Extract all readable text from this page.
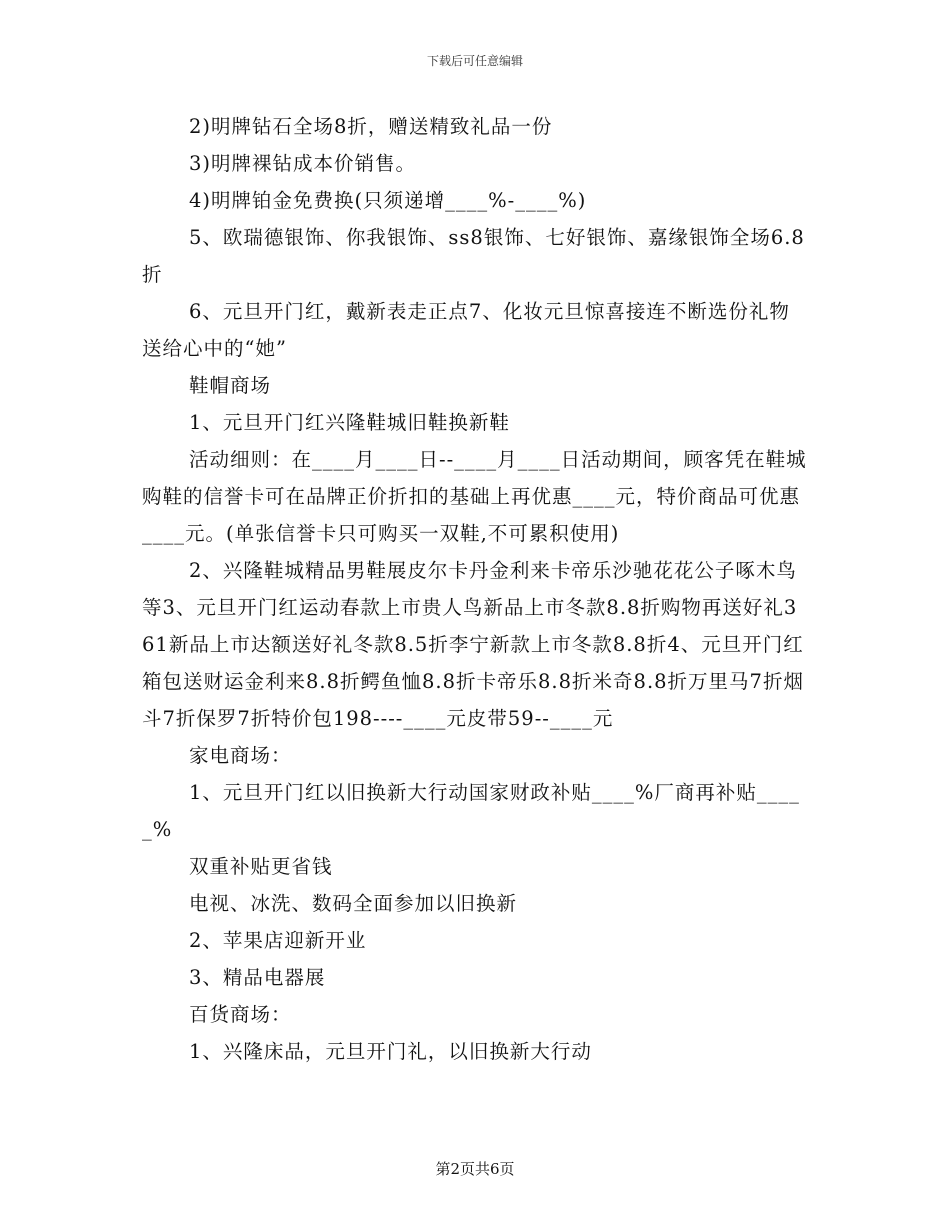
下载后可任意编辑

2)明牌钻石全场8折，赠送精致礼品一份

3)明牌裸钻成本价销售。

4)明牌铂金免费换(只须递增____%-____%)

5、欧瑞德银饰、你我银饰、ss8银饰、七好银饰、嘉缘银饰全场6.8折

6、元旦开门红，戴新表走正点7、化妆元旦惊喜接连不断选份礼物送给心中的“她”

鞋帽商场

1、元旦开门红兴隆鞋城旧鞋换新鞋

活动细则：在____月____日--____月____日活动期间，顾客凭在鞋城购鞋的信誉卡可在品牌正价折扣的基础上再优惠____元，特价商品可优惠____元。(单张信誉卡只可购买一双鞋,不可累积使用)

2、兴隆鞋城精品男鞋展皮尔卡丹金利来卡帝乐沙驰花花公子啄木鸟等3、元旦开门红运动春款上市贵人鸟新品上市冬款8.8折购物再送好礼361新品上市达额送好礼冬款8.5折李宁新款上市冬款8.8折4、元旦开门红箱包送财运金利来8.8折鳄鱼恤8.8折卡帝乐8.8折米奇8.8折万里马7折烟斗7折保罗7折特价包198----____元皮带59--____元

家电商场：

1、元旦开门红以旧换新大行动国家财政补贴____%厂商再补贴_____%

双重补贴更省钱

电视、冰洗、数码全面参加以旧换新

2、苹果店迎新开业

3、精品电器展

百货商场：

1、兴隆床品，元旦开门礼，以旧换新大行动

第2页共6页
